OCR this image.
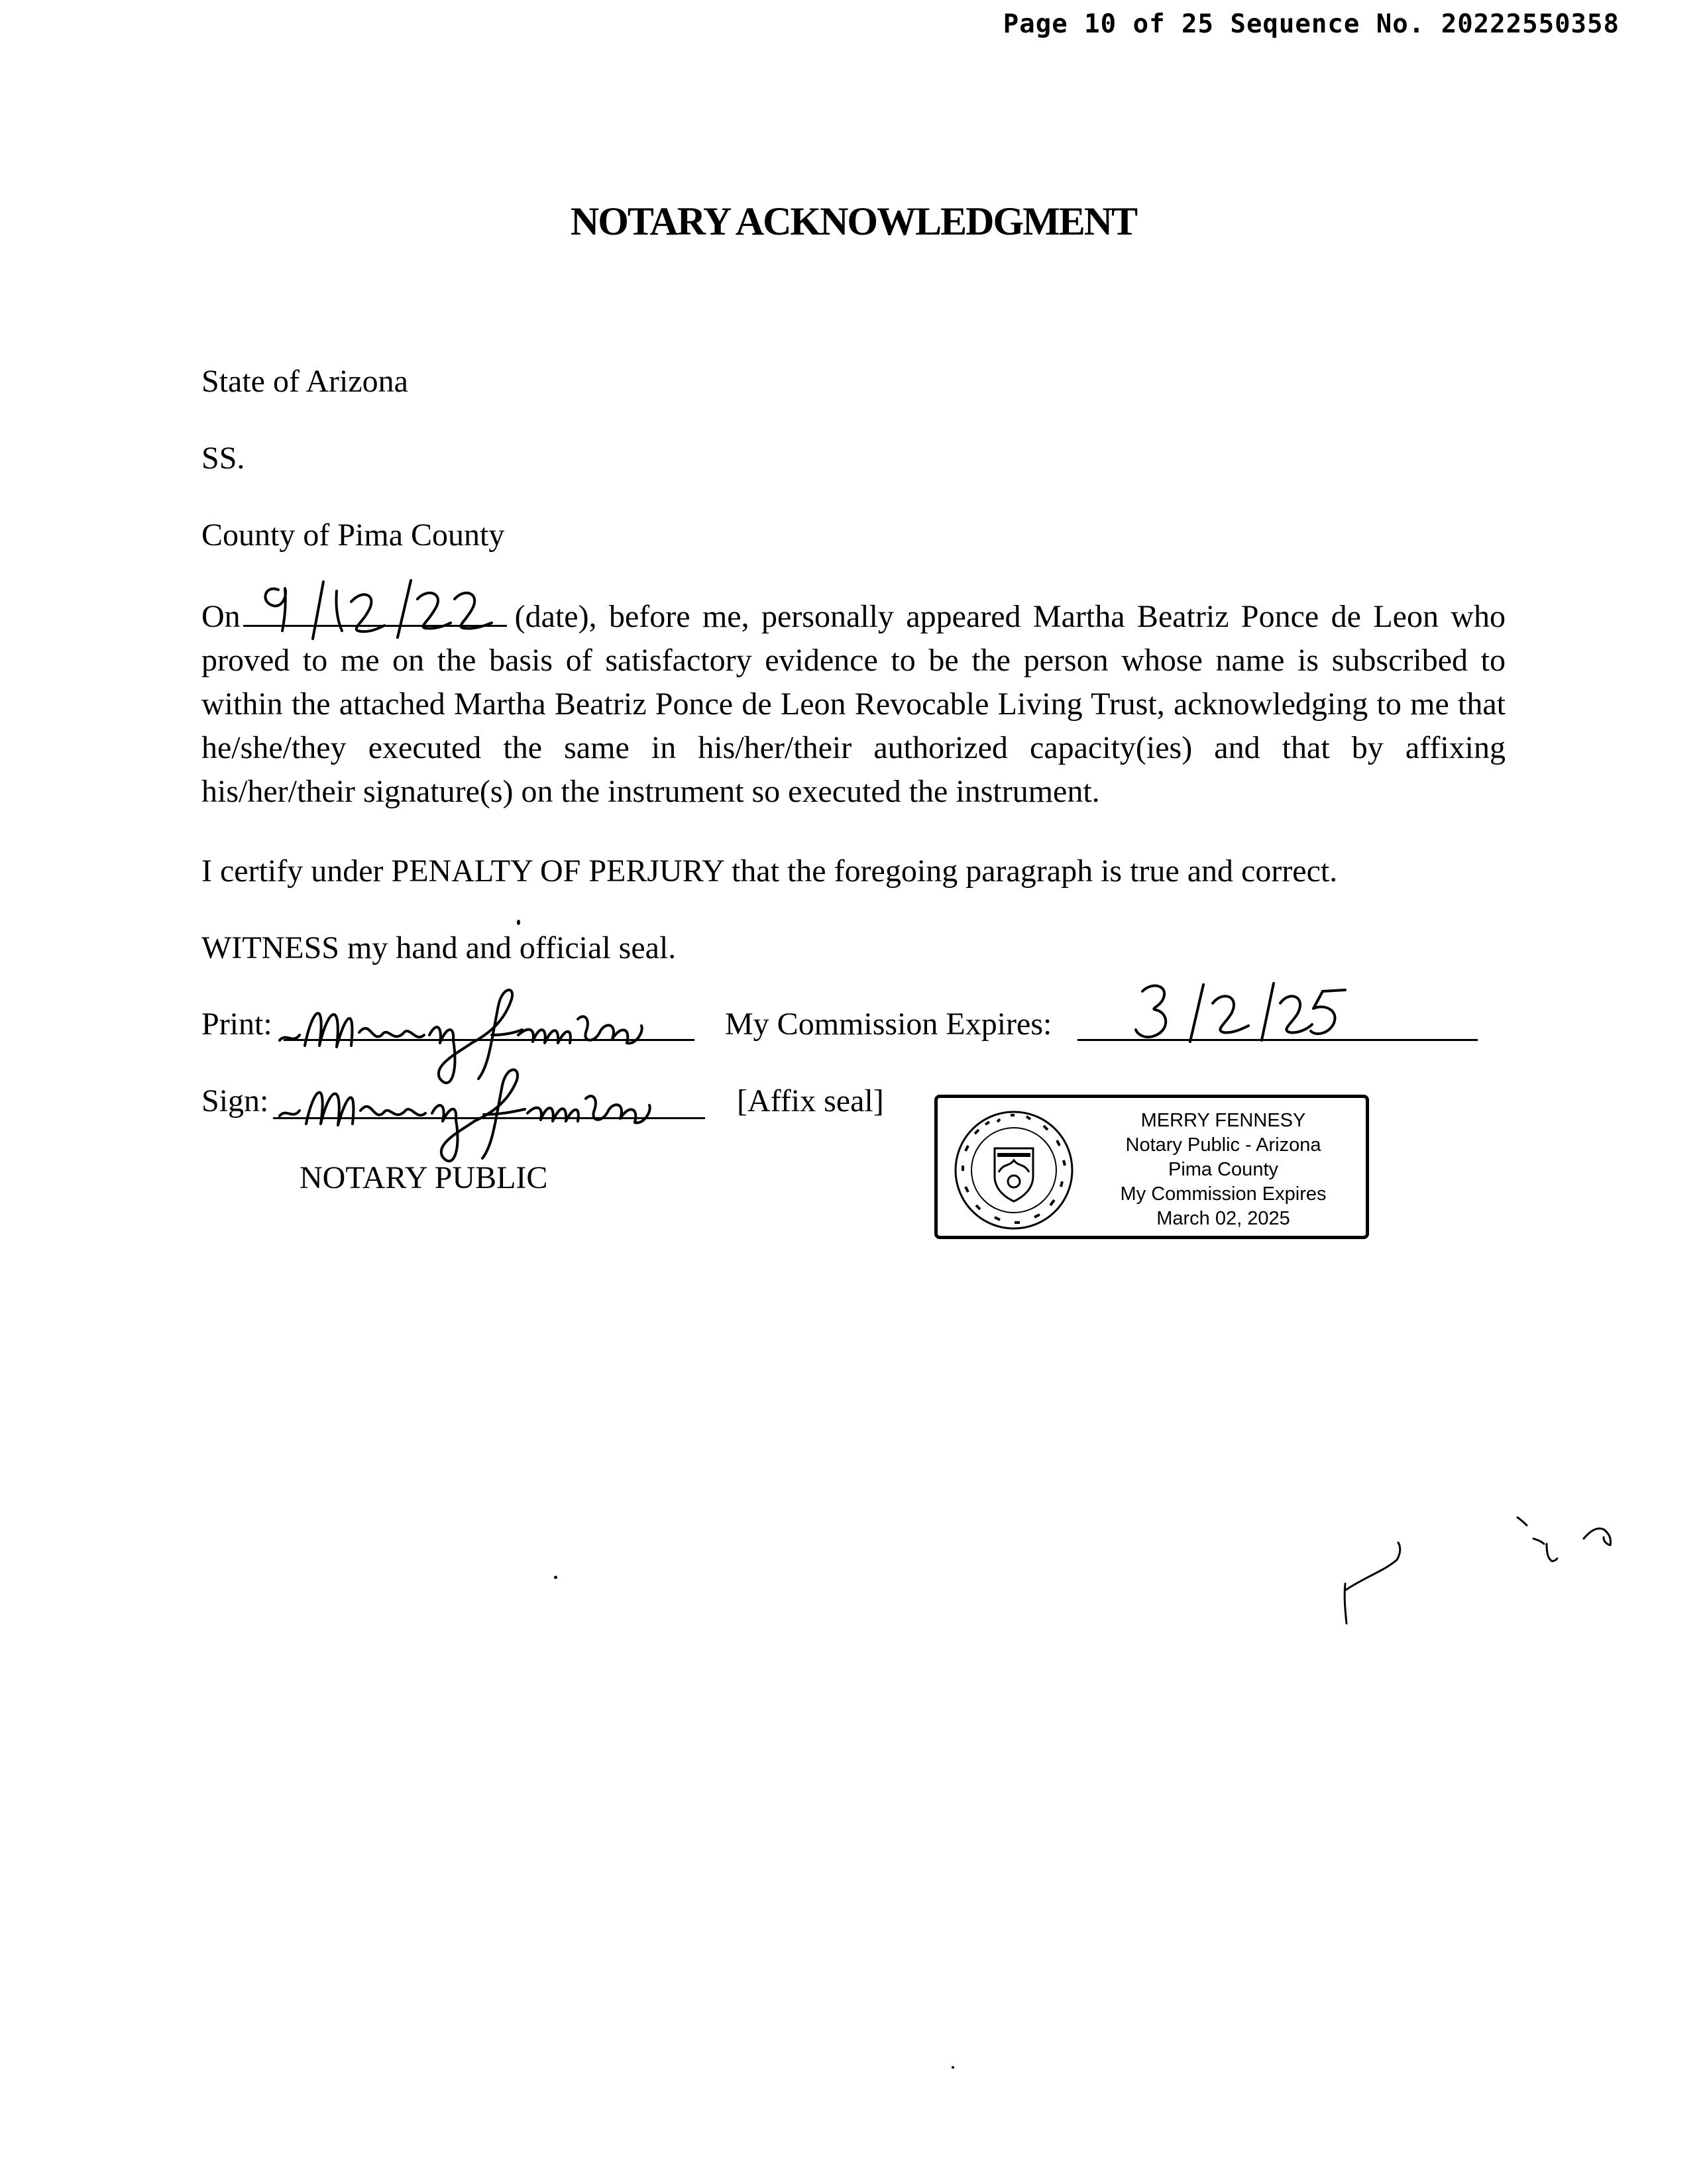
Page 10 of 25 Sequence No. 20222550358
NOTARY ACKNOWLEDGMENT
State of Arizona
SS.
County of Pima County
On	(date), before me, personally appeared Martha Beatriz Ponce de Leon who proved to me on the basis of satisfactory evidence to be the person whose name is subscribed to within the attached Martha Beatriz Ponce de Leon Revocable Living Trust, acknowledging to me that he/she/they executed the same in his/her/their authorized capacity(ies) and that by affixing his/her/their signature(s) on the instrument so executed the instrument.
I certify under PENALTY OF PERJURY that the foregoing paragraph is true and correct.
WITNESS my hand and official seal.
Print:	My Commission Expires:
Sign:	[Affix seal]
NOTARY PUBLIC
MERRY FENNESY
Notary Public - Arizona
Pima County
My Commission Expires
March 02, 2025
